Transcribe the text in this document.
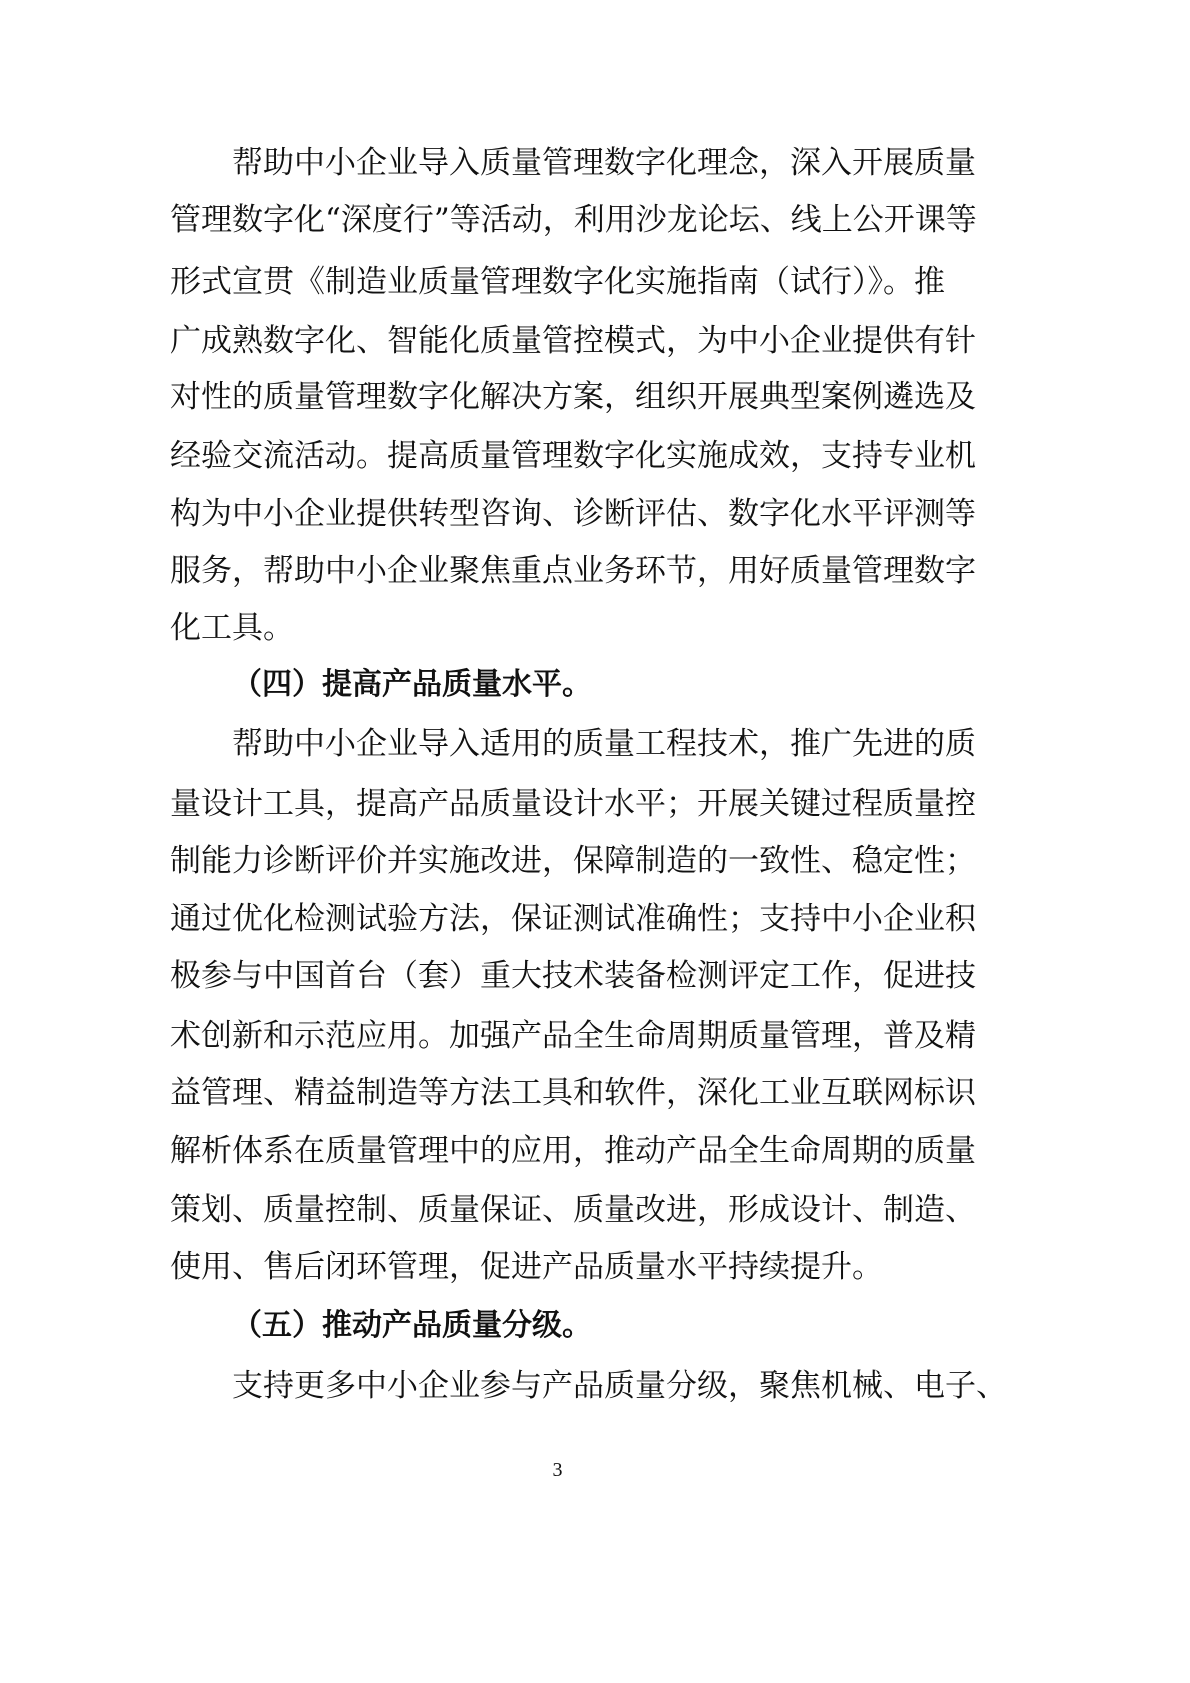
帮助中小企业导入质量管理数字化理念，深入开展质量
管理数字化“深度行”等活动，利用沙龙论坛、线上公开课等
形式宣贯《制造业质量管理数字化实施指南（试行）》。推
广成熟数字化、智能化质量管控模式，为中小企业提供有针
对性的质量管理数字化解决方案，组织开展典型案例遴选及
经验交流活动。提高质量管理数字化实施成效，支持专业机
构为中小企业提供转型咨询、诊断评估、数字化水平评测等
服务，帮助中小企业聚焦重点业务环节，用好质量管理数字
化工具。
（四）提高产品质量水平。
帮助中小企业导入适用的质量工程技术，推广先进的质
量设计工具，提高产品质量设计水平；开展关键过程质量控
制能力诊断评价并实施改进，保障制造的一致性、稳定性；
通过优化检测试验方法，保证测试准确性；支持中小企业积
极参与中国首台（套）重大技术装备检测评定工作，促进技
术创新和示范应用。加强产品全生命周期质量管理，普及精
益管理、精益制造等方法工具和软件，深化工业互联网标识
解析体系在质量管理中的应用，推动产品全生命周期的质量
策划、质量控制、质量保证、质量改进，形成设计、制造、
使用、售后闭环管理，促进产品质量水平持续提升。
（五）推动产品质量分级。
支持更多中小企业参与产品质量分级，聚焦机械、电子、
3
